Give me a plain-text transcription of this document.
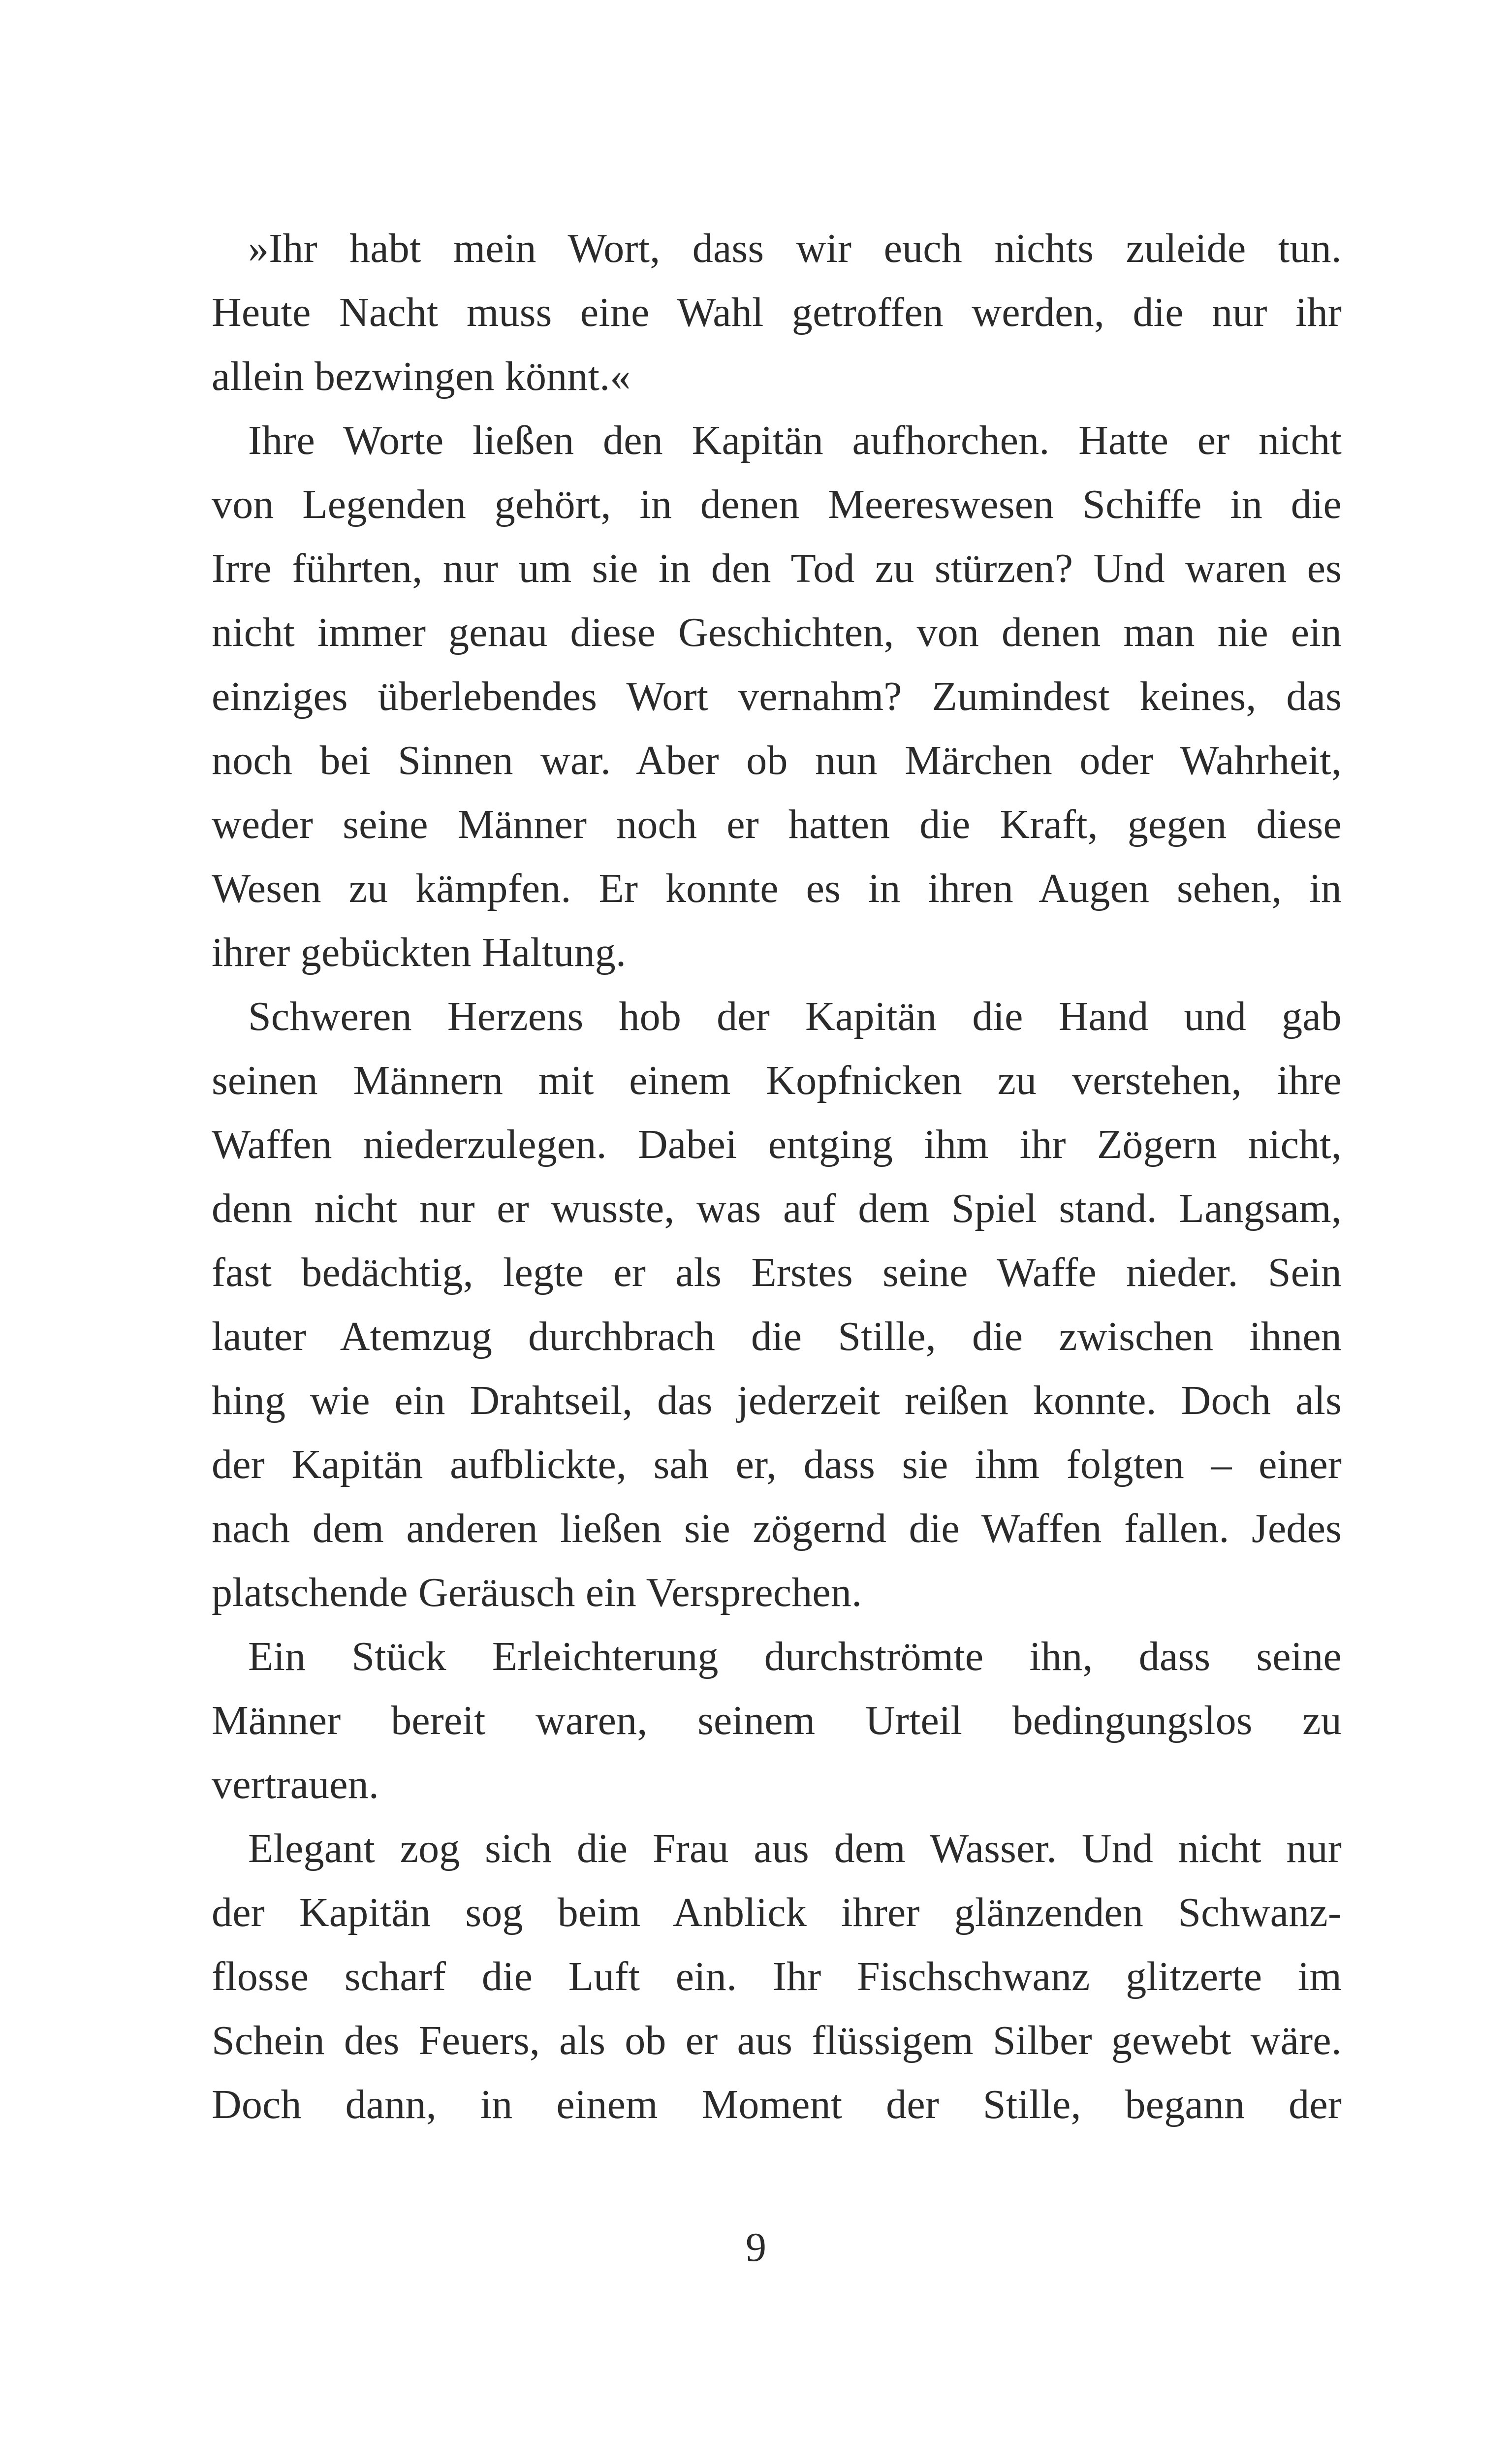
»Ihr habt mein Wort, dass wir euch nichts zuleide tun.
Heute Nacht muss eine Wahl getroffen werden, die nur ihr
allein bezwingen könnt.«
Ihre Worte ließen den Kapitän aufhorchen. Hatte er nicht
von Legenden gehört, in denen Meereswesen Schiffe in die
Irre führten, nur um sie in den Tod zu stürzen? Und waren es
nicht immer genau diese Geschichten, von denen man nie ein
einziges überlebendes Wort vernahm? Zumindest keines, das
noch bei Sinnen war. Aber ob nun Märchen oder Wahrheit,
weder seine Männer noch er hatten die Kraft, gegen diese
Wesen zu kämpfen. Er konnte es in ihren Augen sehen, in
ihrer gebückten Haltung.
Schweren Herzens hob der Kapitän die Hand und gab
seinen Männern mit einem Kopfnicken zu verstehen, ihre
Waffen niederzulegen. Dabei entging ihm ihr Zögern nicht,
denn nicht nur er wusste, was auf dem Spiel stand. Langsam,
fast bedächtig, legte er als Erstes seine Waffe nieder. Sein
lauter Atemzug durchbrach die Stille, die zwischen ihnen
hing wie ein Drahtseil, das jederzeit reißen konnte. Doch als
der Kapitän aufblickte, sah er, dass sie ihm folgten – einer
nach dem anderen ließen sie zögernd die Waffen fallen. Jedes
platschende Geräusch ein Versprechen.
Ein Stück Erleichterung durchströmte ihn, dass seine
Männer bereit waren, seinem Urteil bedingungslos zu
vertrauen.
Elegant zog sich die Frau aus dem Wasser. Und nicht nur
der Kapitän sog beim Anblick ihrer glänzenden Schwanz-
flosse scharf die Luft ein. Ihr Fischschwanz glitzerte im
Schein des Feuers, als ob er aus flüssigem Silber gewebt wäre.
Doch dann, in einem Moment der Stille, begann der
9
